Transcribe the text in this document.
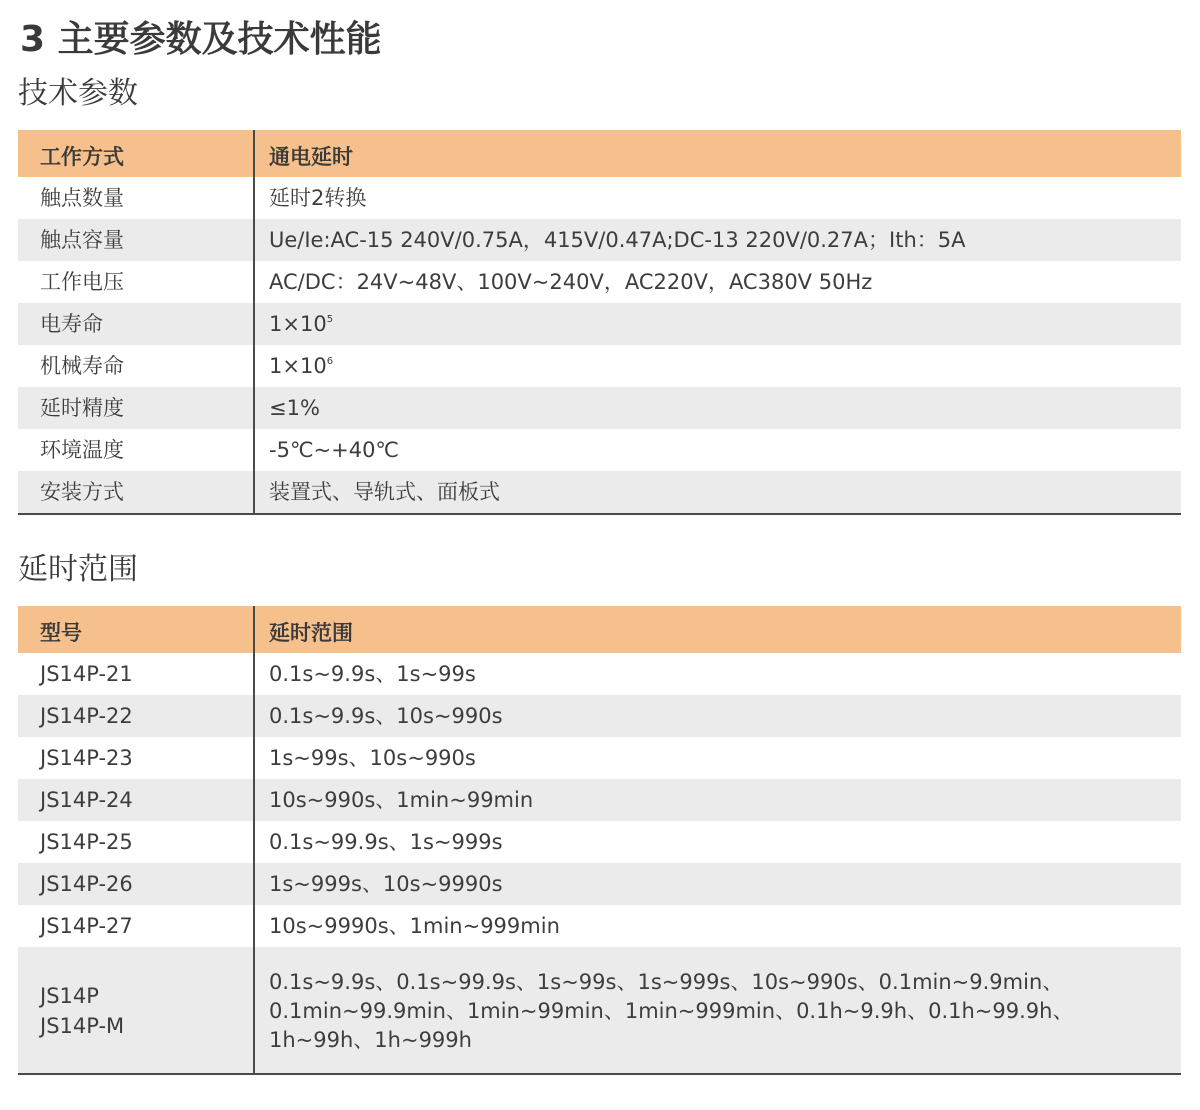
3 主要参数及技术性能
技术参数
工作方式	通电延时
触点数量	延时2转换
触点容量	Ue/Ie:AC-15 240V/0.75A，415V/0.47A;DC-13 220V/0.27A；Ith：5A
工作电压	AC/DC：24V~48V、100V~240V，AC220V，AC380V 50Hz
电寿命	$1\times 10^5$
机械寿命	$1\times 10^6$
延时精度	≤1%
环境温度	-5℃~+40℃
安装方式	装置式、导轨式、面板式
延时范围
型号	延时范围
JS14P-21	0.1s~9.9s、1s~99s
JS14P-22	0.1s~9.9s、10s~990s
JS14P-23	1s~99s、10s~990s
JS14P-24	10s~990s、1min~99min
JS14P-25	0.1s~99.9s、1s~999s
JS14P-26	1s~999s、10s~9990s
JS14P-27	10s~9990s、1min~999min

JS14P
JS14P-M	0.1s~9.9s、0.1s~99.9s、1s~99s、1s~999s、10s~990s、0.1min~9.9min、
0.1min~99.9min、1min~99min、1min~999min、0.1h~9.9h、0.1h~99.9h、
1h~99h、1h~999h
